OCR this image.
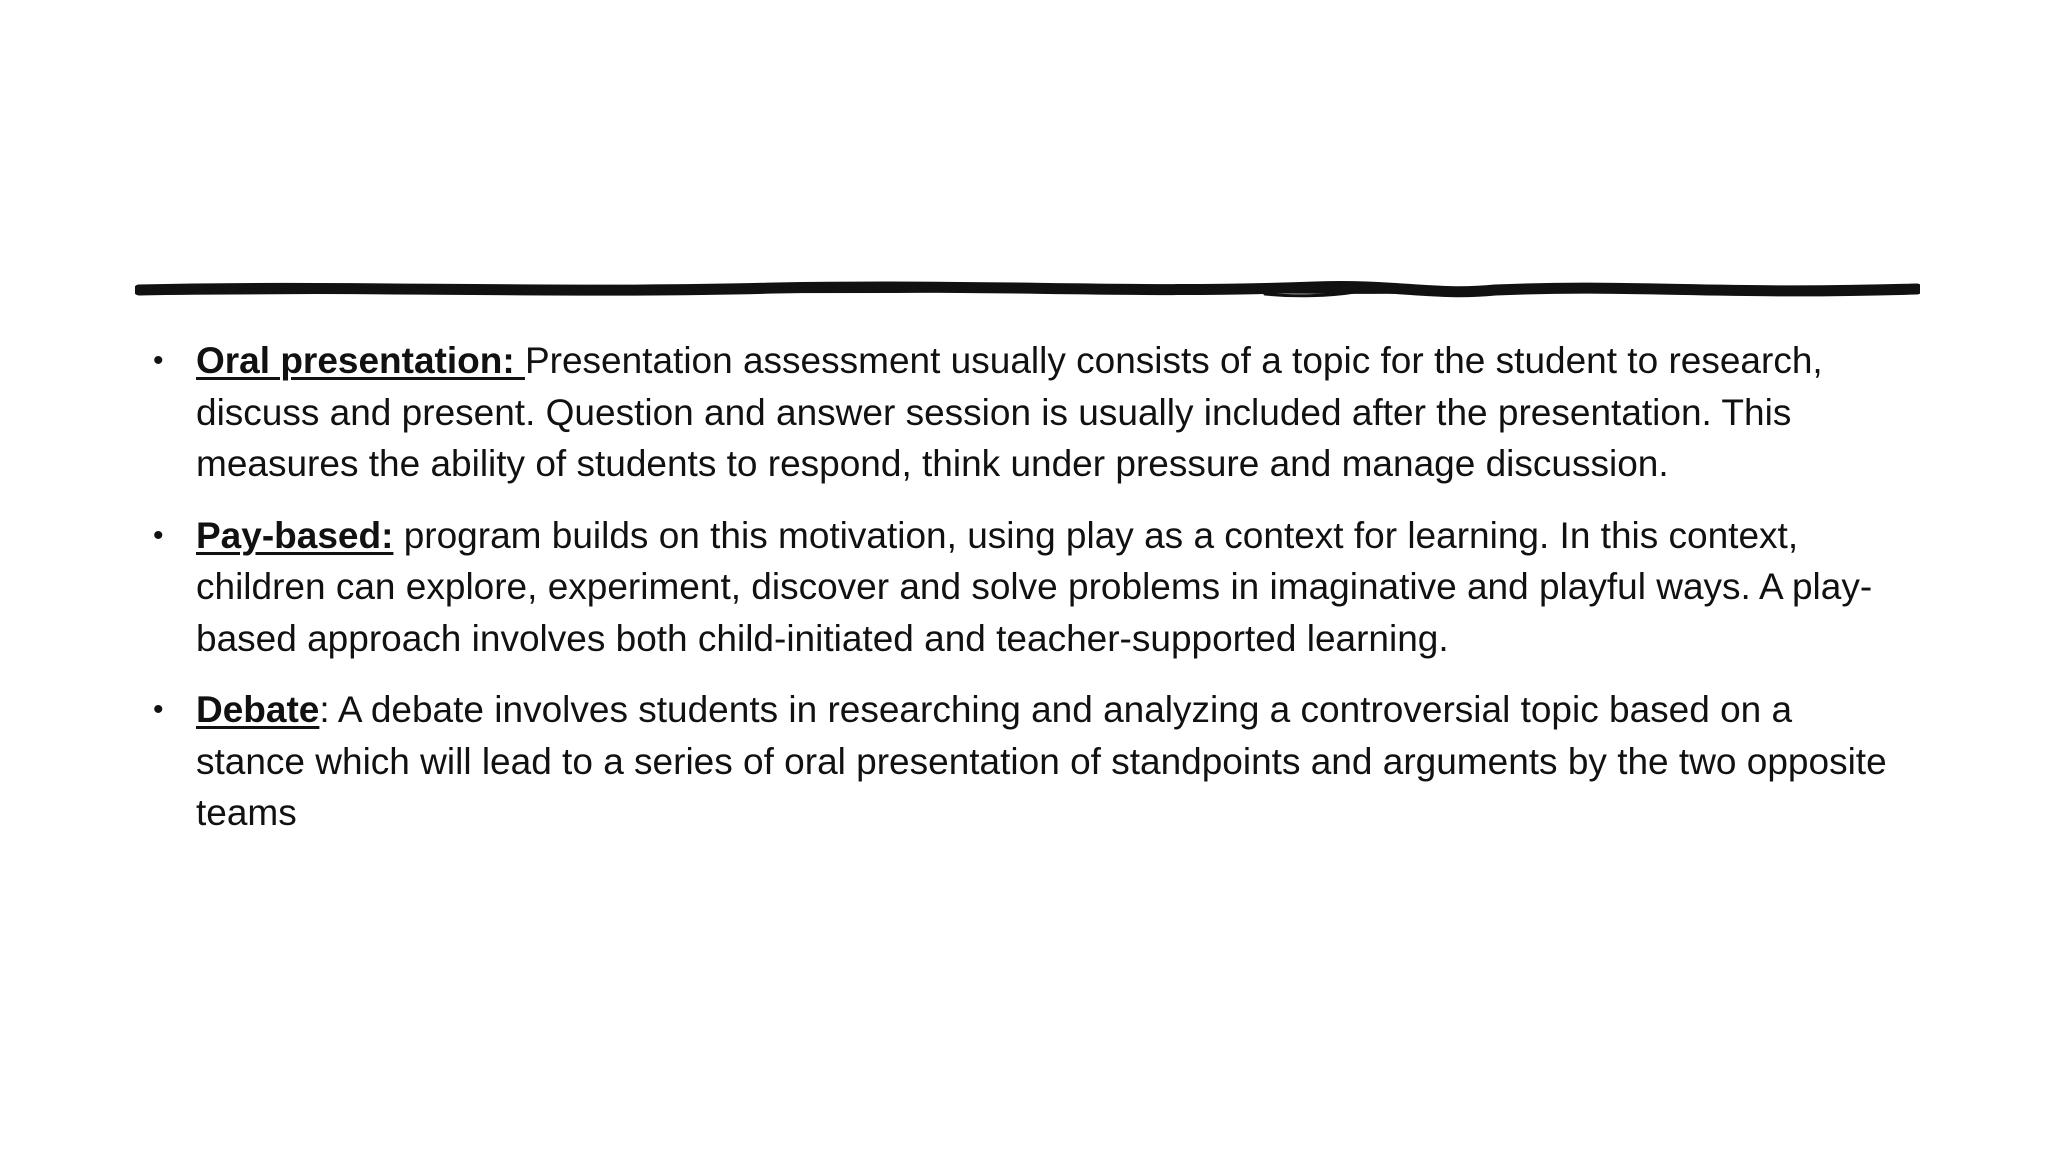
• Oral presentation: Presentation assessment usually consists of a topic for the student to research, discuss and present. Question and answer session is usually included after the presentation. This measures the ability of students to respond, think under pressure and manage discussion.
• Pay-based: program builds on this motivation, using play as a context for learning. In this context, children can explore, experiment, discover and solve problems in imaginative and playful ways. A play-based approach involves both child-initiated and teacher-supported learning.
• Debate: A debate involves students in researching and analyzing a controversial topic based on a stance which will lead to a series of oral presentation of standpoints and arguments by the two opposite teams
